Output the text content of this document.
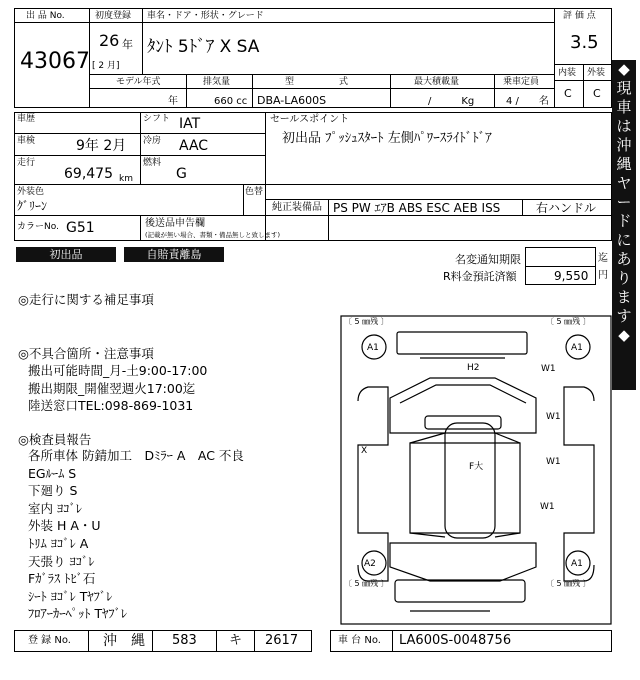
出 品 No.
43067
初度登録
26 年
[ 2 月]
車名・ドア・形状・グレード
ﾀﾝﾄ 5ﾄﾞｱ X SA
評 価 点
3.5
内装 外装
C C
モデル年式	排気量	型　　　　　式	最大積載量	乗車定員
年	660 cc DBA-LA600S	/　　　Kg	4 /　　名
◆
現
車
は
沖
縄
ヤ
ー
ド
に
あ
り
ま
す
◆
車歴	シフト IAT
車検	9年 2月 冷房 AAC
走行
69,475 km
燃料
G
外装色
ｸﾞﾘｰﾝ
色替
カラーNo. G51	後送品申告欄
(記載が無い場合、書類・備品無しと致します)
セールスポイント
初出品 ﾌﾟｯｼｭｽﾀｰﾄ 左側ﾊﾟﾜｰｽﾗｲﾄﾞﾄﾞｱ
純正装備品 PS PW ｴｱB ABS ESC AEB ISS	右ハンドル
初出品	自賠責離島	名変通知期限	迄
R料金預託済額	9,550 円
◎走行に関する補足事項
◎不具合箇所・注意事項
搬出可能時間_月-土9:00-17:00
搬出期限_開催翌週火17:00迄
陸送窓口TEL:098-869-1031
◎検査員報告
各所車体 防錆加工　Dﾐﾗｰ A　AC 不良
EGﾙｰﾑ S
下廻り S
室内 ﾖｺﾞﾚ
外装 H A・U
ﾄﾘﾑ ﾖｺﾞﾚ A
天張り ﾖｺﾞﾚ
Fｶﾞﾗｽ ﾄﾋﾞ石
ｼｰﾄ ﾖｺﾞﾚ Tﾔﾌﾞﾚ
ﾌﾛｱｰｶｰﾍﾟｯﾄ Tﾔﾌﾞﾚ
〔 5 ㎜残 〕	〔 5 ㎜残 〕
〔 5 ㎜残 〕	〔 5 ㎜残 〕
A1	A1
H2	W1
W1
W1
W1
X
F大
A2	A1
登 録 No. 沖　縄 583 キ 2617	車 台 No. LA600S-0048756
